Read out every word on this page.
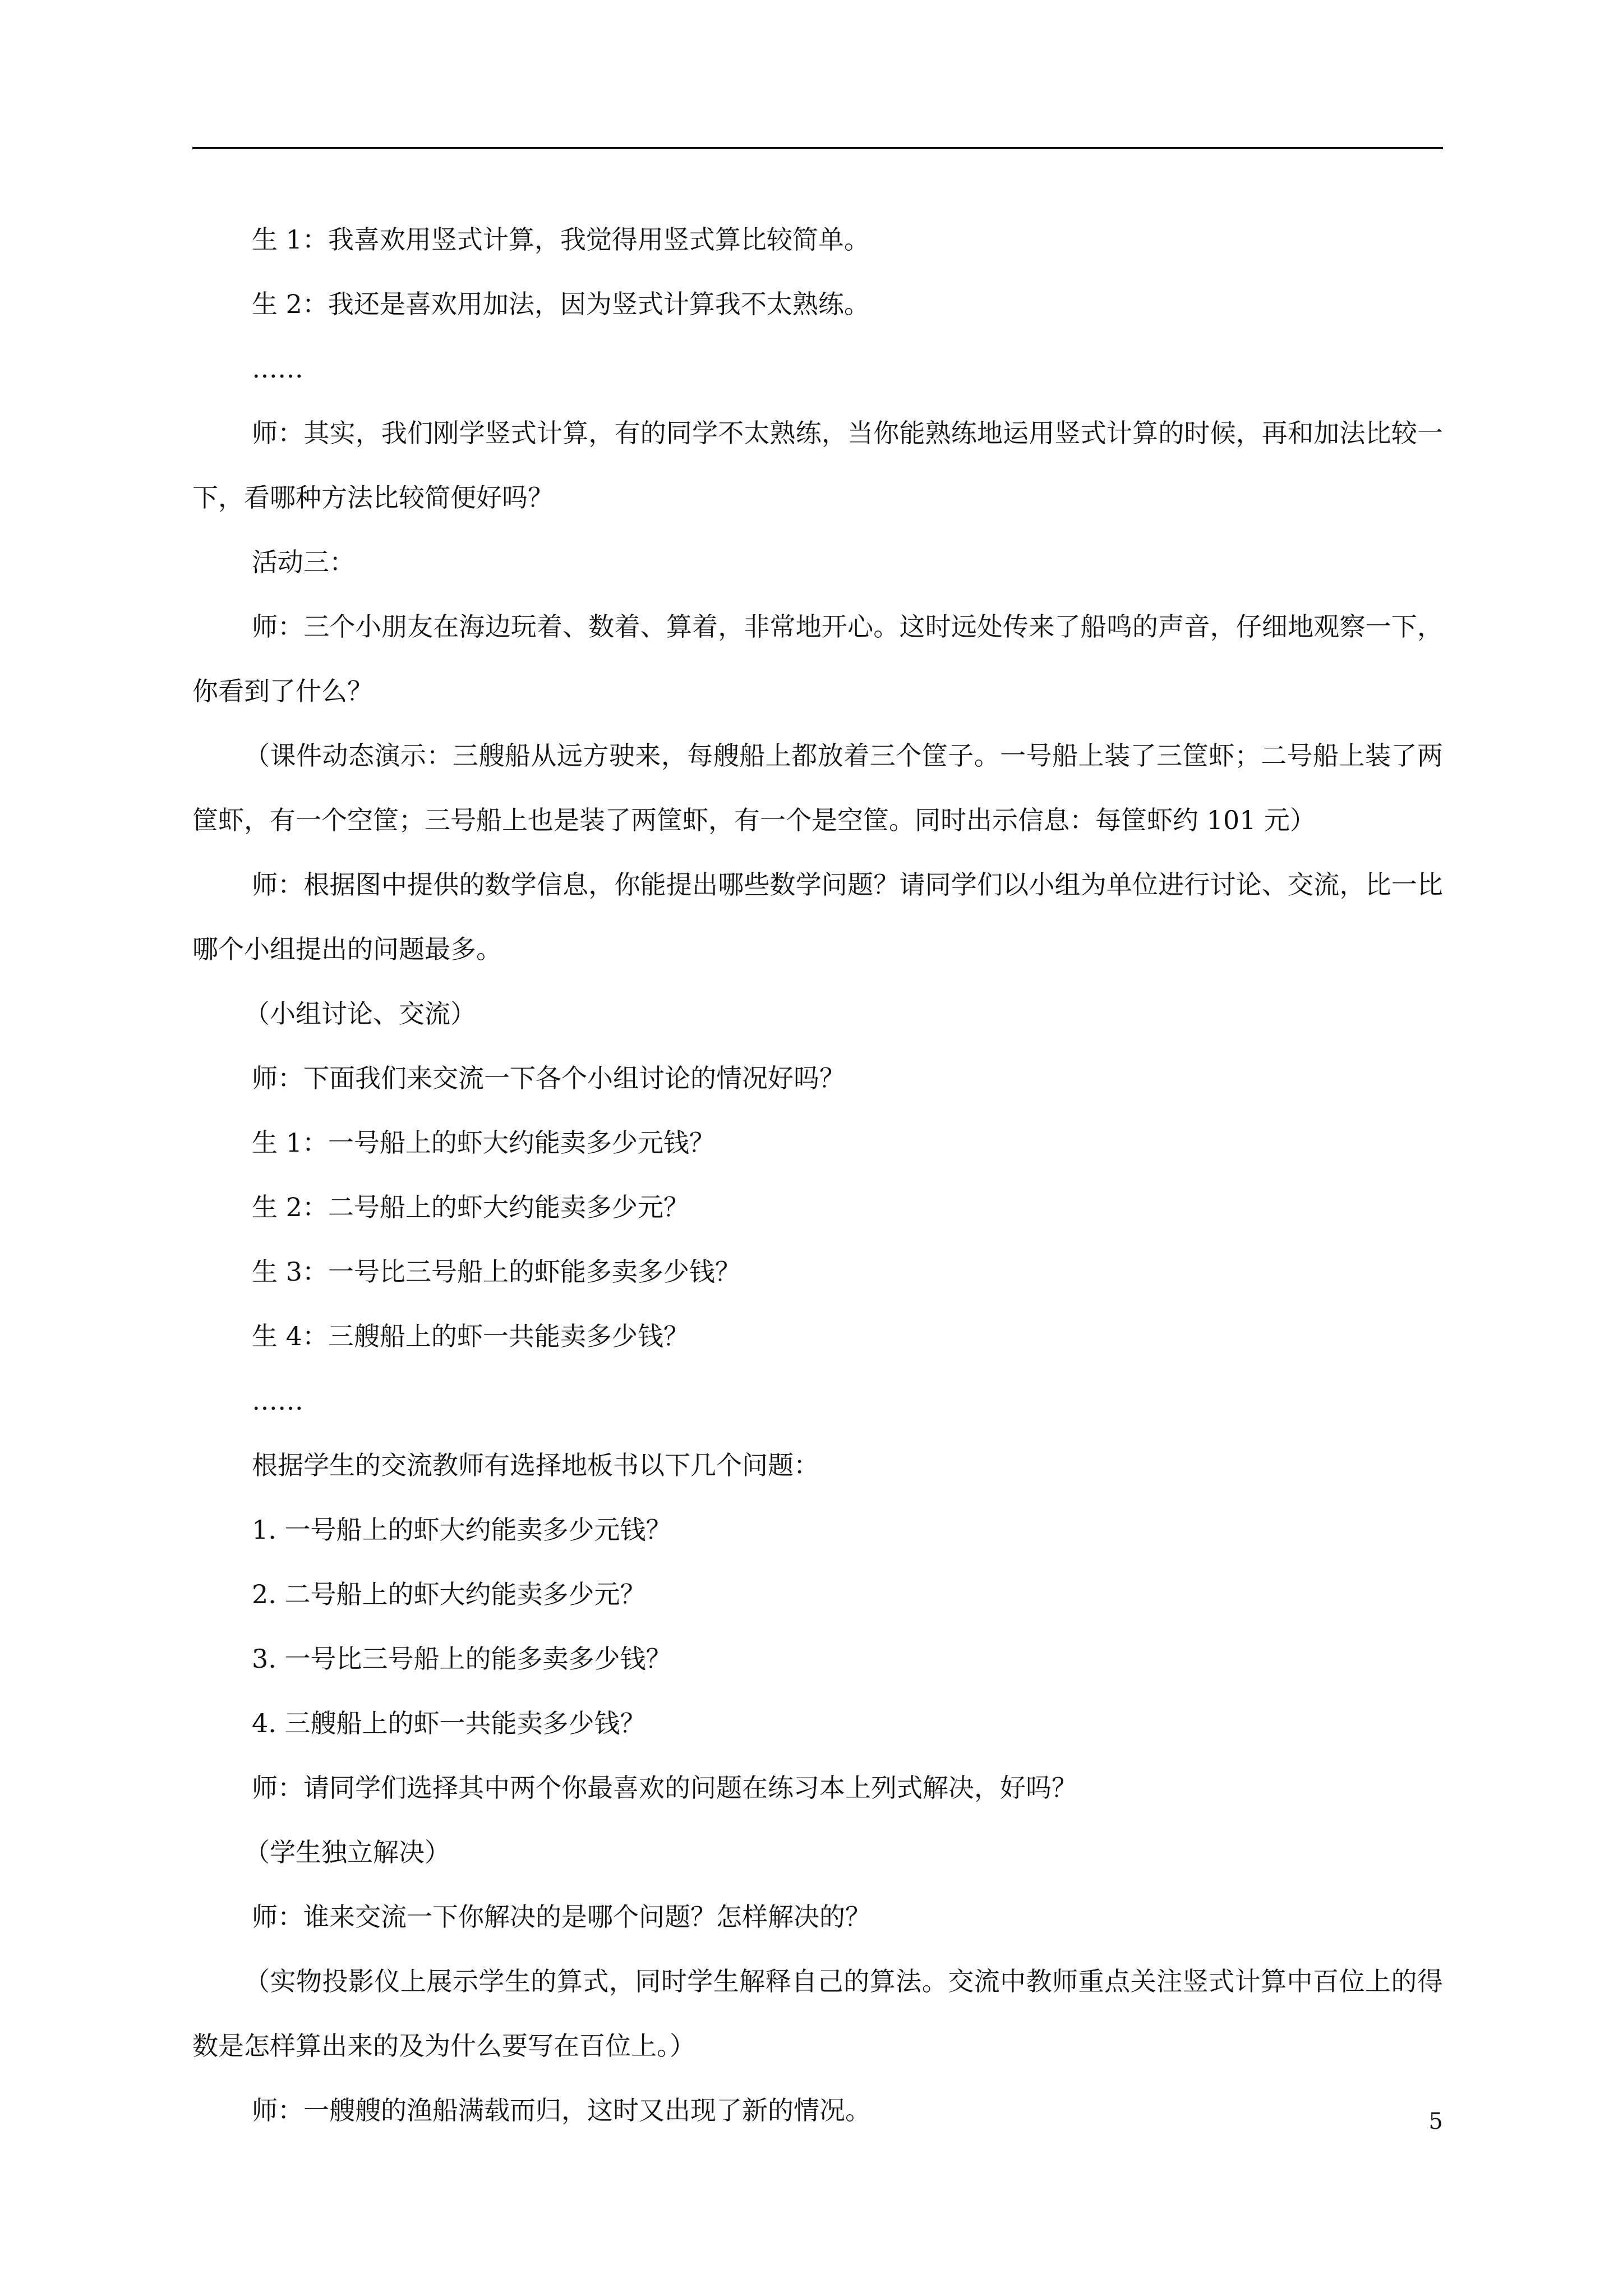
生 1：我喜欢用竖式计算，我觉得用竖式算比较简单。

生 2：我还是喜欢用加法，因为竖式计算我不太熟练。

……

师：其实，我们刚学竖式计算，有的同学不太熟练，当你能熟练地运用竖式计算的时候，再和加法比较一下，看哪种方法比较简便好吗？

活动三：

师：三个小朋友在海边玩着、数着、算着，非常地开心。这时远处传来了船鸣的声音，仔细地观察一下，你看到了什么？

（课件动态演示：三艘船从远方驶来，每艘船上都放着三个筐子。一号船上装了三筐虾；二号船上装了两筐虾，有一个空筐；三号船上也是装了两筐虾，有一个是空筐。同时出示信息：每筐虾约 101 元）

师：根据图中提供的数学信息，你能提出哪些数学问题？请同学们以小组为单位进行讨论、交流，比一比哪个小组提出的问题最多。

（小组讨论、交流）

师：下面我们来交流一下各个小组讨论的情况好吗？

生 1：一号船上的虾大约能卖多少元钱？

生 2：二号船上的虾大约能卖多少元？

生 3：一号比三号船上的虾能多卖多少钱？

生 4：三艘船上的虾一共能卖多少钱？

……

根据学生的交流教师有选择地板书以下几个问题：

1. 一号船上的虾大约能卖多少元钱？

2. 二号船上的虾大约能卖多少元？

3. 一号比三号船上的能多卖多少钱？

4. 三艘船上的虾一共能卖多少钱？

师：请同学们选择其中两个你最喜欢的问题在练习本上列式解决，好吗？

（学生独立解决）

师：谁来交流一下你解决的是哪个问题？怎样解决的？

（实物投影仪上展示学生的算式，同时学生解释自己的算法。交流中教师重点关注竖式计算中百位上的得数是怎样算出来的及为什么要写在百位上。）

师：一艘艘的渔船满载而归，这时又出现了新的情况。	5
